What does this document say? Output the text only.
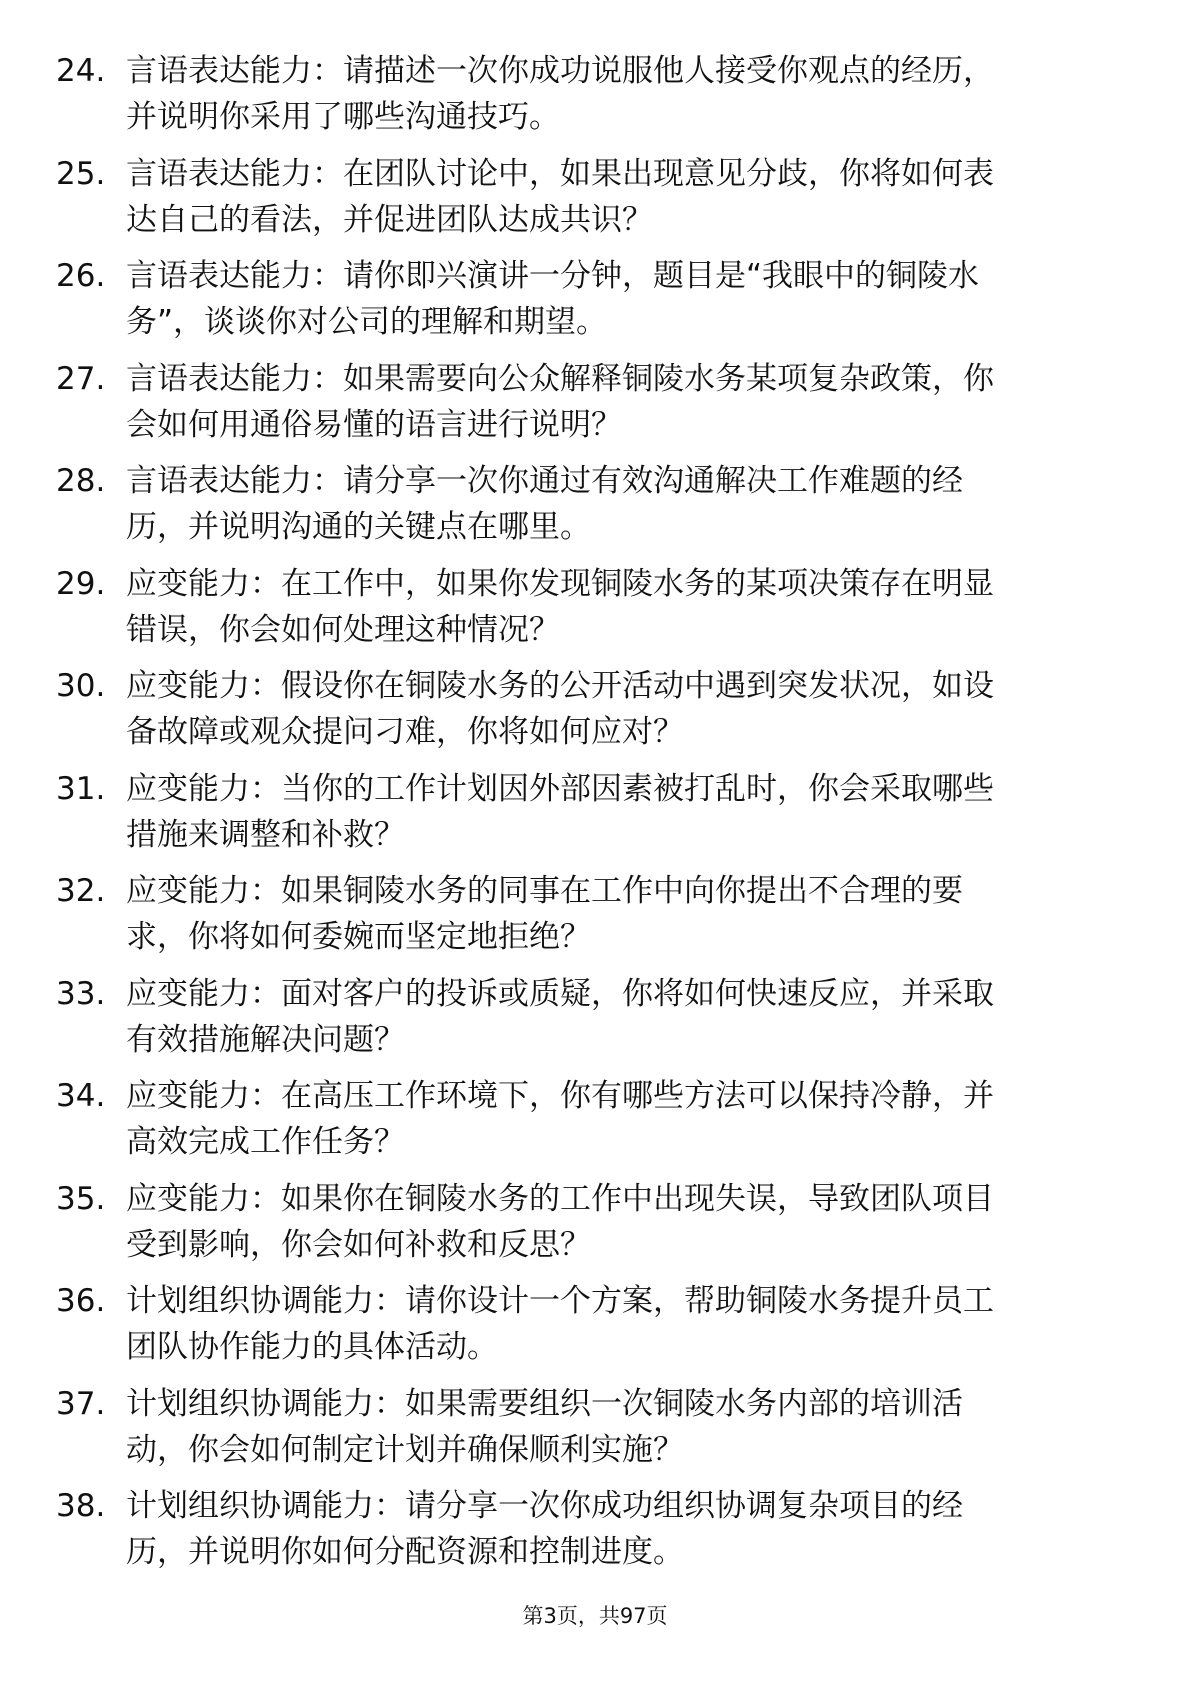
24. 言语表达能力：请描述一次你成功说服他人接受你观点的经历，
并说明你采用了哪些沟通技巧。
25. 言语表达能力：在团队讨论中，如果出现意见分歧，你将如何表
达自己的看法，并促进团队达成共识？
26. 言语表达能力：请你即兴演讲一分钟，题目是“我眼中的铜陵水
务”，谈谈你对公司的理解和期望。
27. 言语表达能力：如果需要向公众解释铜陵水务某项复杂政策，你
会如何用通俗易懂的语言进行说明？
28. 言语表达能力：请分享一次你通过有效沟通解决工作难题的经
历，并说明沟通的关键点在哪里。
29. 应变能力：在工作中，如果你发现铜陵水务的某项决策存在明显
错误，你会如何处理这种情况？
30. 应变能力：假设你在铜陵水务的公开活动中遇到突发状况，如设
备故障或观众提问刁难，你将如何应对？
31. 应变能力：当你的工作计划因外部因素被打乱时，你会采取哪些
措施来调整和补救？
32. 应变能力：如果铜陵水务的同事在工作中向你提出不合理的要
求，你将如何委婉而坚定地拒绝？
33. 应变能力：面对客户的投诉或质疑，你将如何快速反应，并采取
有效措施解决问题？
34. 应变能力：在高压工作环境下，你有哪些方法可以保持冷静，并
高效完成工作任务？
35. 应变能力：如果你在铜陵水务的工作中出现失误，导致团队项目
受到影响，你会如何补救和反思？
36. 计划组织协调能力：请你设计一个方案，帮助铜陵水务提升员工
团队协作能力的具体活动。
37. 计划组织协调能力：如果需要组织一次铜陵水务内部的培训活
动，你会如何制定计划并确保顺利实施？
38. 计划组织协调能力：请分享一次你成功组织协调复杂项目的经
历，并说明你如何分配资源和控制进度。
第3页，共97页
